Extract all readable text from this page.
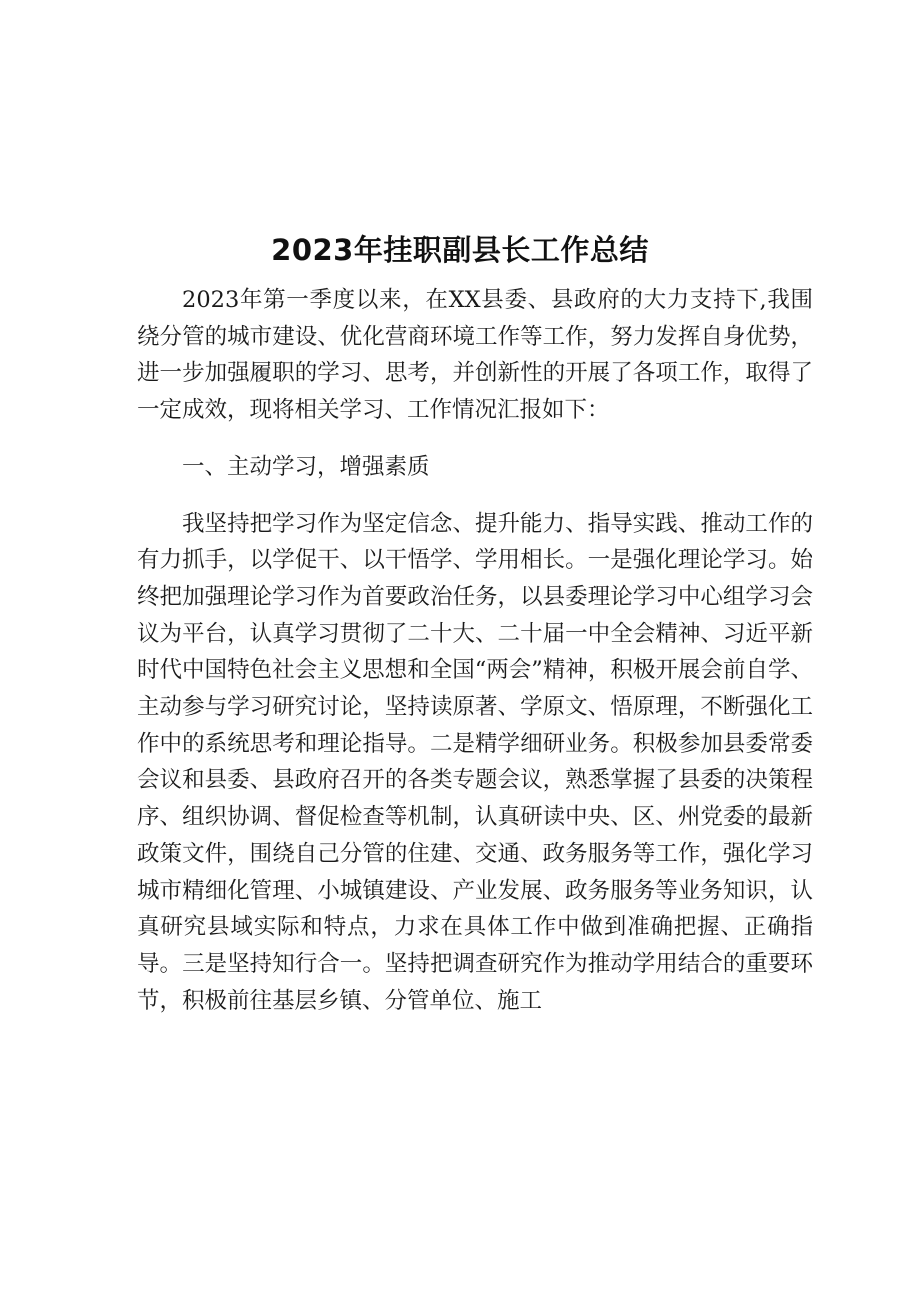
2023年挂职副县长工作总结

2023年第一季度以来，在XX县委、县政府的大力支持下,我围绕分管的城市建设、优化营商环境工作等工作，努力发挥自身优势，进一步加强履职的学习、思考，并创新性的开展了各项工作，取得了一定成效，现将相关学习、工作情况汇报如下：

一、主动学习，增强素质

我坚持把学习作为坚定信念、提升能力、指导实践、推动工作的有力抓手，以学促干、以干悟学、学用相长。一是强化理论学习。始终把加强理论学习作为首要政治任务，以县委理论学习中心组学习会议为平台，认真学习贯彻了二十大、二十届一中全会精神、习近平新时代中国特色社会主义思想和全国“两会”精神，积极开展会前自学、主动参与学习研究讨论，坚持读原著、学原文、悟原理，不断强化工作中的系统思考和理论指导。二是精学细研业务。积极参加县委常委会议和县委、县政府召开的各类专题会议，熟悉掌握了县委的决策程序、组织协调、督促检查等机制，认真研读中央、区、州党委的最新政策文件，围绕自己分管的住建、交通、政务服务等工作，强化学习城市精细化管理、小城镇建设、产业发展、政务服务等业务知识，认真研究县域实际和特点，力求在具体工作中做到准确把握、正确指导。三是坚持知行合一。坚持把调查研究作为推动学用结合的重要环节，积极前往基层乡镇、分管单位、施工
